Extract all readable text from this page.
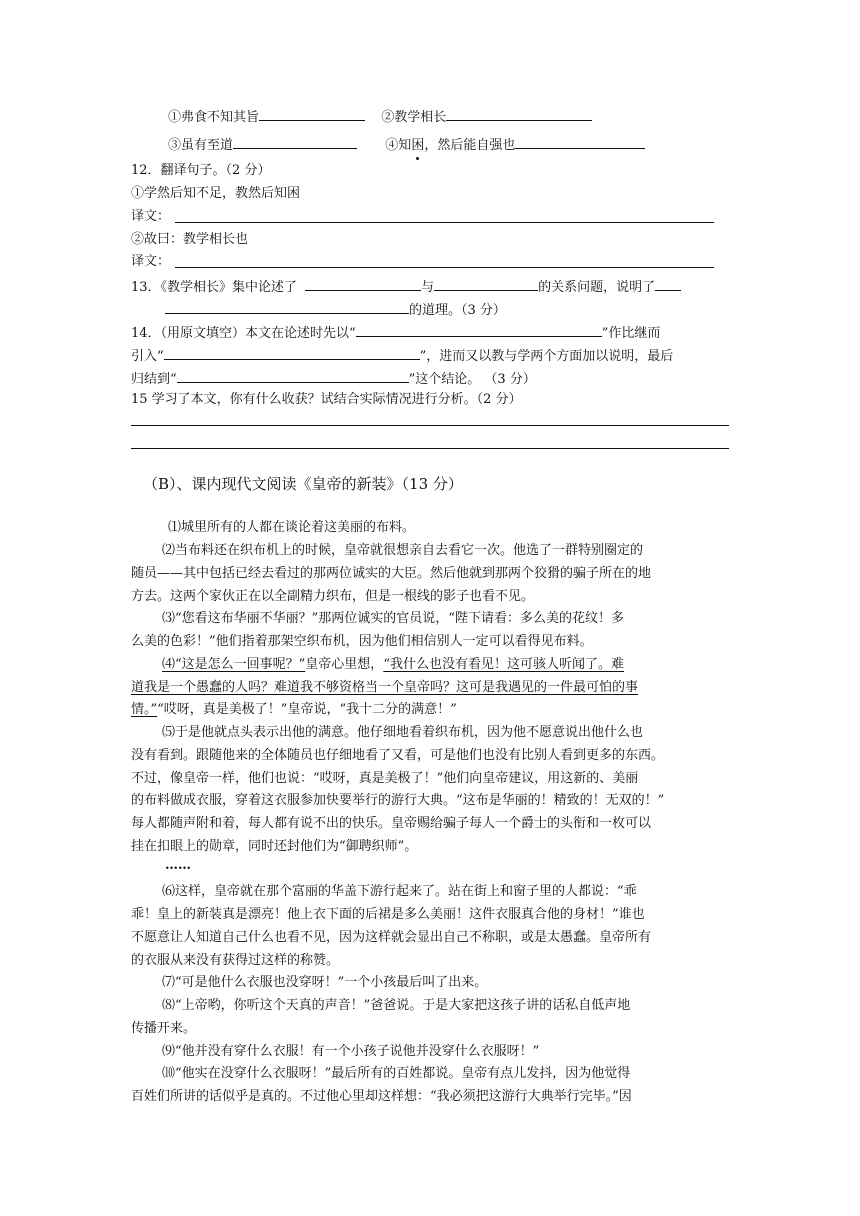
①弗食不知其旨	②教学相长
③虽有至道	④知困，然后能自强也
12．翻译句子。（2 分）
①学然后知不足，教然后知困
译文：
②故曰：教学相长也
译文：
13．《教学相长》集中论述了	与	的关系问题，说明了
的道理。（3 分）
14．（用原文填空）本文在论述时先以“	”作比继而
引入“	”，进而又以教与学两个方面加以说明，最后
归结到“	”这个结论。 （3 分）
15 学习了本文，你有什么收获？试结合实际情况进行分析。（2 分）
（B）、课内现代文阅读《皇帝的新装》（13 分）
⑴城里所有的人都在谈论着这美丽的布料。
⑵当布料还在织布机上的时候，皇帝就很想亲自去看它一次。他选了一群特别圈定的
随员——其中包括已经去看过的那两位诚实的大臣。然后他就到那两个狡猾的骗子所在的地
方去。这两个家伙正在以全副精力织布，但是一根线的影子也看不见。
⑶“您看这布华丽不华丽？”那两位诚实的官员说，“陛下请看：多么美的花纹！多
么美的色彩！”他们指着那架空织布机，因为他们相信别人一定可以看得见布料。
⑷“这是怎么一回事呢？”皇帝心里想，“我什么也没有看见！这可骇人听闻了。难
道我是一个愚蠢的人吗？难道我不够资格当一个皇帝吗？这可是我遇见的一件最可怕的事
情。”“哎呀，真是美极了！”皇帝说，“我十二分的满意！”
⑸于是他就点头表示出他的满意。他仔细地看着织布机，因为他不愿意说出他什么也
没有看到。跟随他来的全体随员也仔细地看了又看，可是他们也没有比别人看到更多的东西。
不过，像皇帝一样，他们也说：“哎呀，真是美极了！”他们向皇帝建议，用这新的、美丽
的布料做成衣服，穿着这衣服参加快要举行的游行大典。“这布是华丽的！精致的！无双的！”
每人都随声附和着，每人都有说不出的快乐。皇帝赐给骗子每人一个爵士的头衔和一枚可以
挂在扣眼上的勋章，同时还封他们为“御聘织师”。
……
⑹这样，皇帝就在那个富丽的华盖下游行起来了。站在街上和窗子里的人都说：“乖
乖！皇上的新装真是漂亮！他上衣下面的后裙是多么美丽！这件衣服真合他的身材！”谁也
不愿意让人知道自己什么也看不见，因为这样就会显出自己不称职，或是太愚蠢。皇帝所有
的衣服从来没有获得过这样的称赞。
⑺“可是他什么衣服也没穿呀！”一个小孩最后叫了出来。
⑻“上帝哟，你听这个天真的声音！”爸爸说。于是大家把这孩子讲的话私自低声地
传播开来。
⑼“他并没有穿什么衣服！有一个小孩子说他并没穿什么衣服呀！”
⑽“他实在没穿什么衣服呀！”最后所有的百姓都说。皇帝有点儿发抖，因为他觉得
百姓们所讲的话似乎是真的。不过他心里却这样想：“我必须把这游行大典举行完毕。”因
